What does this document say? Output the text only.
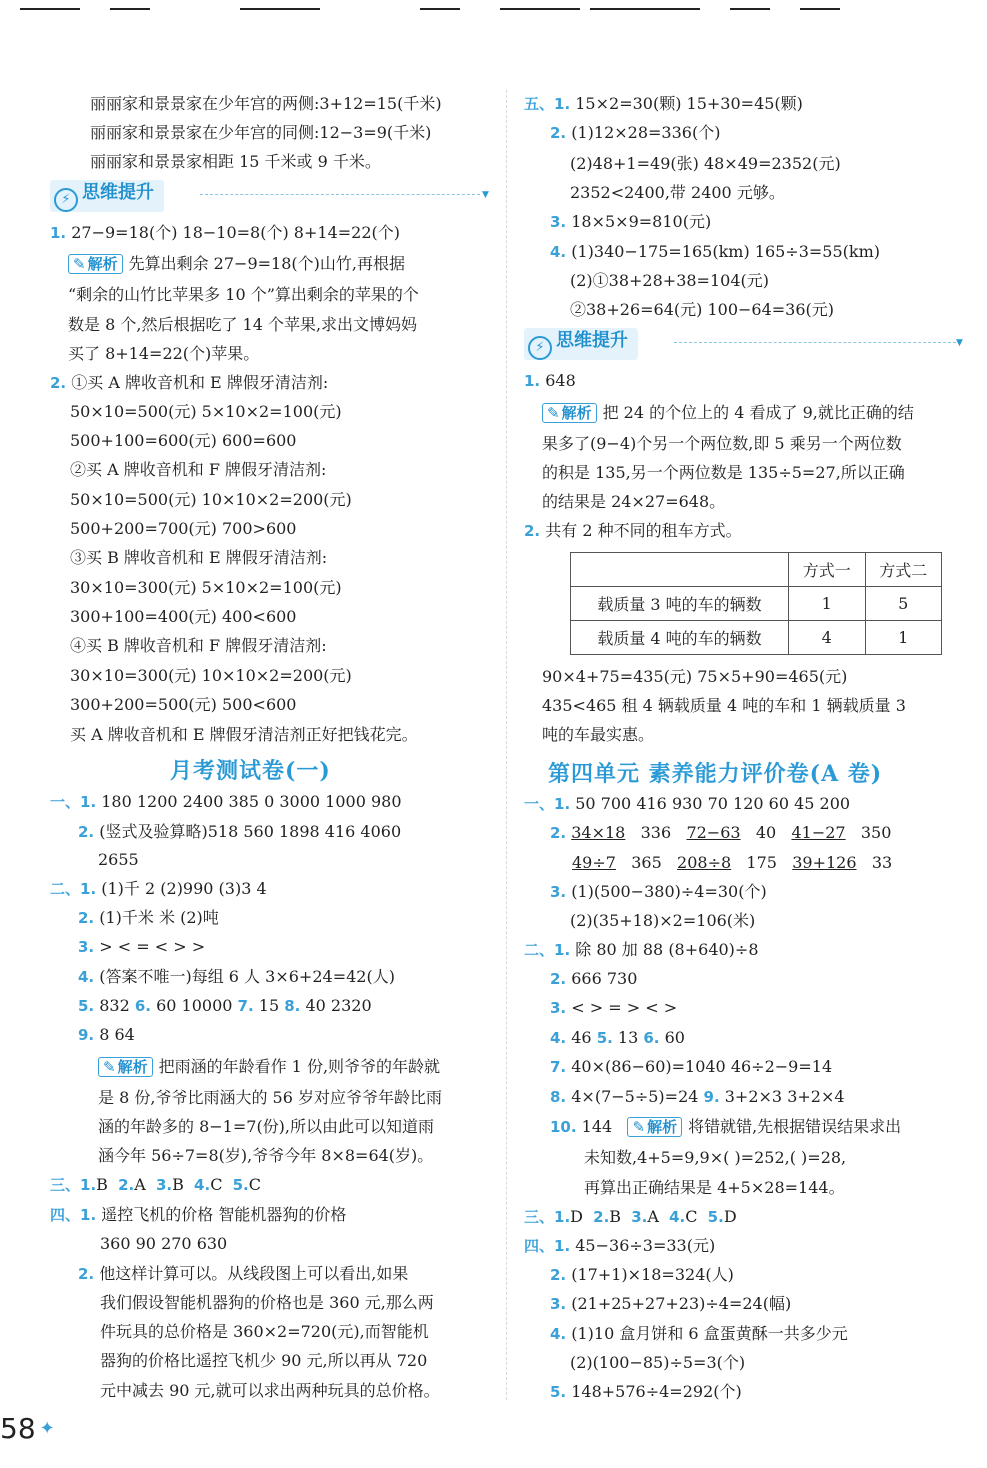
丽丽家和景景家在少年宫的两侧:3+12=15(千米)
丽丽家和景景家在少年宫的同侧:12−3=9(千米)
丽丽家和景景家相距 15 千米或 9 千米。
⚡ 思维提升	▼
1. 27−9=18(个) 18−10=8(个) 8+14=22(个)
✎ 解析 先算出剩余 27−9=18(个)山竹,再根据
“剩余的山竹比苹果多 10 个”算出剩余的苹果的个
数是 8 个,然后根据吃了 14 个苹果,求出文博妈妈
买了 8+14=22(个)苹果。
2. ①买 A 牌收音机和 E 牌假牙清洁剂:
50×10=500(元) 5×10×2=100(元)
500+100=600(元) 600=600
②买 A 牌收音机和 F 牌假牙清洁剂:
50×10=500(元) 10×10×2=200(元)
500+200=700(元) 700>600
③买 B 牌收音机和 E 牌假牙清洁剂:
30×10=300(元) 5×10×2=100(元)
300+100=400(元) 400<600
④买 B 牌收音机和 F 牌假牙清洁剂:
30×10=300(元) 10×10×2=200(元)
300+200=500(元) 500<600
买 A 牌收音机和 E 牌假牙清洁剂正好把钱花完。
月考测试卷(一)
一、1. 180 1200 2400 385 0 3000 1000 980
2. (竖式及验算略)518 560 1898 416 4060
2655
二、1. (1)千 2 (2)990 (3)3 4
2. (1)千米 米 (2)吨
3. > < = < > >
4. (答案不唯一)每组 6 人 3×6+24=42(人)
5. 832 6. 60 10000 7. 15 8. 40 2320
9. 8 64
✎ 解析 把雨涵的年龄看作 1 份,则爷爷的年龄就
是 8 份,爷爷比雨涵大的 56 岁对应爷爷年龄比雨
涵的年龄多的 8−1=7(份),所以由此可以知道雨
涵今年 56÷7=8(岁),爷爷今年 8×8=64(岁)。
三、1.B 2.A 3.B 4.C 5.C
四、1. 遥控飞机的价格 智能机器狗的价格
360 90 270 630
2. 他这样计算可以。从线段图上可以看出,如果
我们假设智能机器狗的价格也是 360 元,那么两
件玩具的总价格是 360×2=720(元),而智能机
器狗的价格比遥控飞机少 90 元,所以再从 720
元中减去 90 元,就可以求出两种玩具的总价格。
五、1. 15×2=30(颗) 15+30=45(颗)
2. (1)12×28=336(个)
(2)48+1=49(张) 48×49=2352(元)
2352<2400,带 2400 元够。
3. 18×5×9=810(元)
4. (1)340−175=165(km) 165÷3=55(km)
(2)①38+28+38=104(元)
②38+26=64(元) 100−64=36(元)
⚡ 思维提升	▼
1. 648
✎ 解析 把 24 的个位上的 4 看成了 9,就比正确的结
果多了(9−4)个另一个两位数,即 5 乘另一个两位数
的积是 135,另一个两位数是 135÷5=27,所以正确
的结果是 24×27=648。
2. 共有 2 种不同的租车方式。
	方式一	方式二
载质量 3 吨的车的辆数	1	5
载质量 4 吨的车的辆数	4	1
90×4+75=435(元) 75×5+90=465(元)
435<465 租 4 辆载质量 4 吨的车和 1 辆载质量 3
吨的车最实惠。
第四单元 素养能力评价卷(A 卷)
一、1. 50 700 416 930 70 120 60 45 200
2. 34×18 336 72−63 40 41−27 350
49÷7 365 208÷8 175 39+126 33
3. (1)(500−380)÷4=30(个)
(2)(35+18)×2=106(米)
二、1. 除 80 加 88 (8+640)÷8
2. 666 730
3. < > = > < >
4. 46 5. 13 6. 60
7. 40×(86−60)=1040 46÷2−9=14
8. 4×(7−5÷5)=24 9. 3+2×3 3+2×4
10. 144 ✎ 解析 将错就错,先根据错误结果求出
未知数,4+5=9,9×( )=252,( )=28,
再算出正确结果是 4+5×28=144。
三、1.D 2.B 3.A 4.C 5.D
四、1. 45−36÷3=33(元)
2. (17+1)×18=324(人)
3. (21+25+27+23)÷4=24(幅)
4. (1)10 盒月饼和 6 盒蛋黄酥一共多少元
(2)(100−85)÷5=3(个)
5. 148+576÷4=292(个)
58 ✦
